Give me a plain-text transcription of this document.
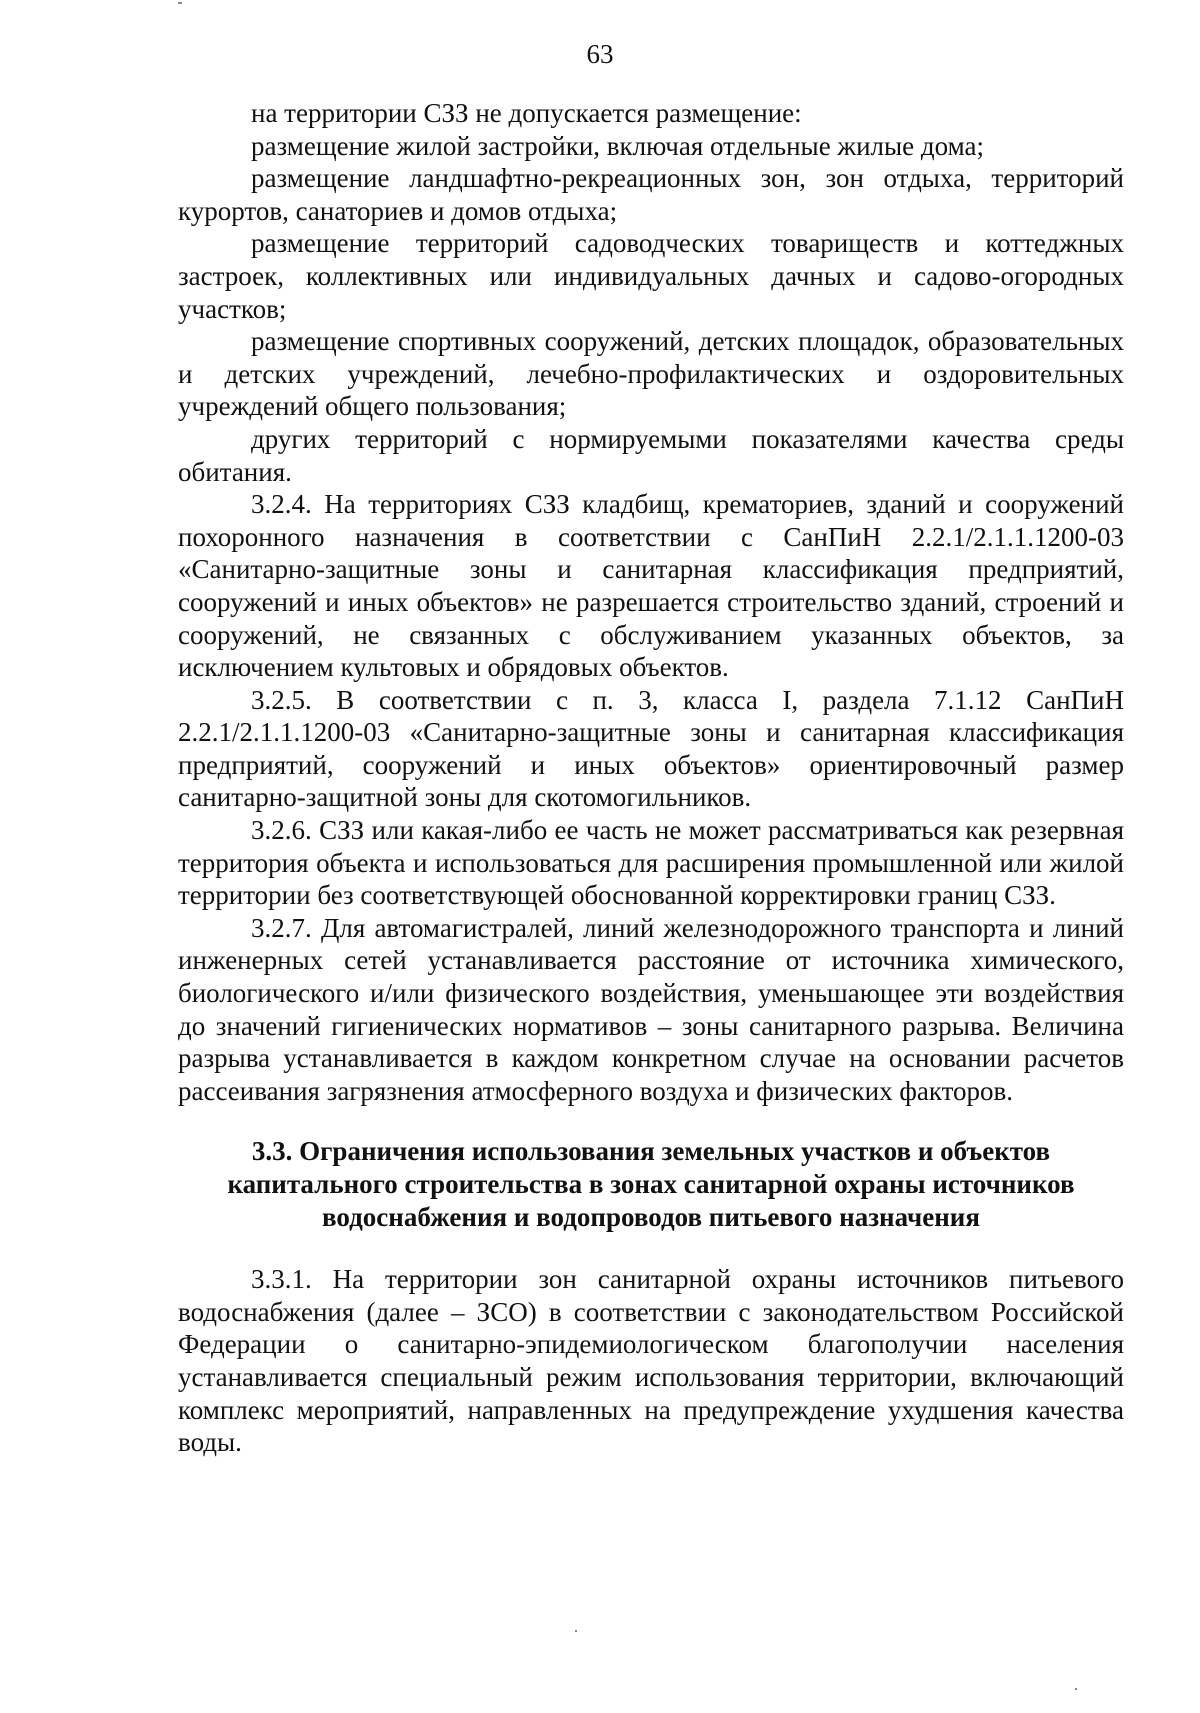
63

на территории СЗЗ не допускается размещение:

размещение жилой застройки, включая отдельные жилые дома;

размещение ландшафтно-рекреационных зон, зон отдыха, территорий курортов, санаториев и домов отдыха;

размещение территорий садоводческих товариществ и коттеджных застроек, коллективных или индивидуальных дачных и садово-огородных участков;

размещение спортивных сооружений, детских площадок, образовательных и детских учреждений, лечебно-профилактических и оздоровительных учреждений общего пользования;

других территорий с нормируемыми показателями качества среды обитания.

3.2.4. На территориях СЗЗ кладбищ, крематориев, зданий и сооружений похоронного назначения в соответствии с СанПиН 2.2.1/2.1.1.1200-03 «Санитарно-защитные зоны и санитарная классификация предприятий, сооружений и иных объектов» не разрешается строительство зданий, строений и сооружений, не связанных с обслуживанием указанных объектов, за исключением культовых и обрядовых объектов.

3.2.5. В соответствии с п. 3, класса I, раздела 7.1.12 СанПиН 2.2.1/2.1.1.1200-03 «Санитарно-защитные зоны и санитарная классификация предприятий, сооружений и иных объектов» ориентировочный размер санитарно-защитной зоны для скотомогильников.

3.2.6. СЗЗ или какая-либо ее часть не может рассматриваться как резервная территория объекта и использоваться для расширения промышленной или жилой территории без соответствующей обоснованной корректировки границ СЗЗ.

3.2.7. Для автомагистралей, линий железнодорожного транспорта и линий инженерных сетей устанавливается расстояние от источника химического, биологического и/или физического воздействия, уменьшающее эти воздействия до значений гигиенических нормативов – зоны санитарного разрыва. Величина разрыва устанавливается в каждом конкретном случае на основании расчетов рассеивания загрязнения атмосферного воздуха и физических факторов.

3.3. Ограничения использования земельных участков и объектов
капитального строительства в зонах санитарной охраны источников
водоснабжения и водопроводов питьевого назначения

3.3.1. На территории зон санитарной охраны источников питьевого водоснабжения (далее – ЗСО) в соответствии с законодательством Российской Федерации о санитарно-эпидемиологическом благополучии населения устанавливается специальный режим использования территории, включающий комплекс мероприятий, направленных на предупреждение ухудшения качества воды.
